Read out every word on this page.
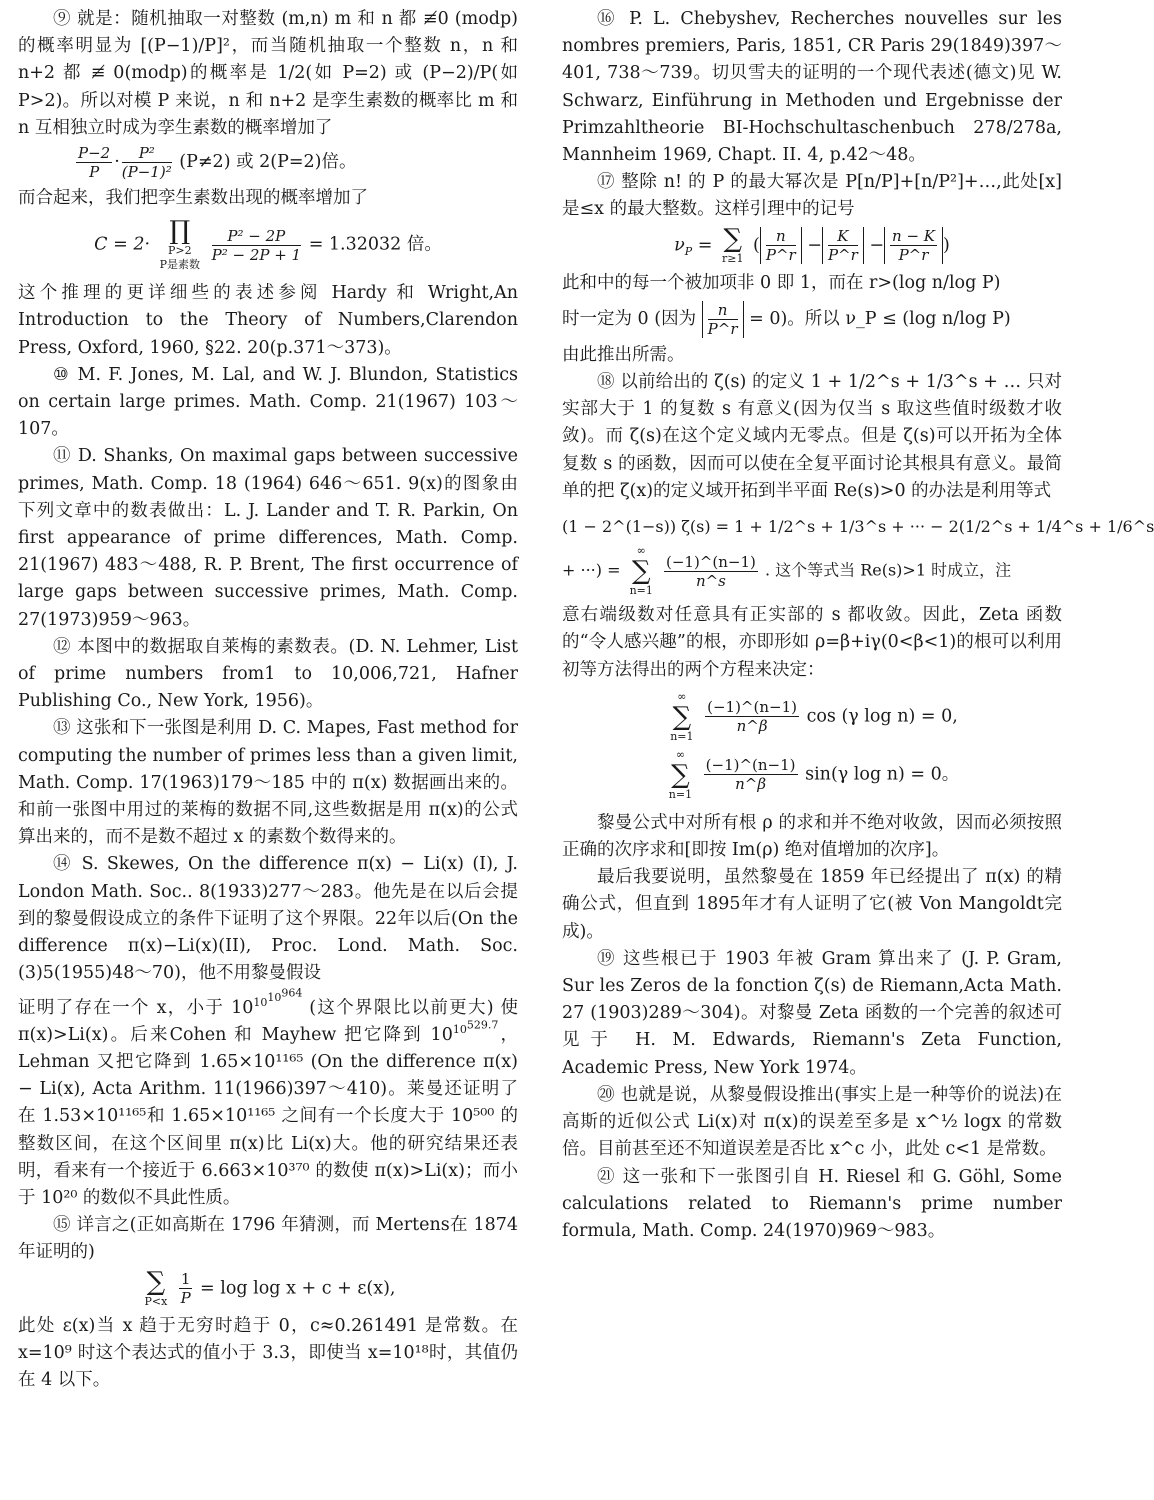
⑨ 就是：随机抽取一对整数 (m,n) m 和 n 都 ≢0 (modp)的概率明显为 [(P−1)/P]²，而当随机抽取一个整数 n，n 和 n+2 都 ≢ 0(modp)的概率是 1/2(如 P=2) 或 (P−2)/P(如 P>2)。所以对模 P 来说，n 和 n+2 是孪生素数的概率比 m 和 n 互相独立时成为孪生素数的概率增加了

$\frac{P-2}{P} \cdot \frac{\text{P²}}{\text{(P−1)²}} (P\ne 2)$ 或 2(P=2)倍。

而合起来，我们把孪生素数出现的概率增加了

C = 2· ∏
P>2
P是素数

$\frac{\text{P² − 2P}}{\text{P² − 2P + 1}} = 1.32032$ 倍。

这个推理的更详细些的表述参阅 Hardy 和 Wright,An Introduction to the Theory of Numbers,Clarendon Press, Oxford, 1960, §22. 20(p.371～373)。

⑩ M. F. Jones, M. Lal, and W. J. Blundon, Statistics on certain large primes. Math. Comp. 21(1967) 103～107。

⑪ D. Shanks, On maximal gaps between successive primes, Math. Comp. 18 (1964) 646～651. 9(x)的图象由下列文章中的数表做出：L. J. Lander and T. R. Parkin, On first appearance of prime differences, Math. Comp. 21(1967) 483～488, R. P. Brent, The first occurrence of large gaps between successive primes, Math. Comp. 27(1973)959～963。

⑫ 本图中的数据取自莱梅的素数表。(D. N. Lehmer, List of prime numbers from1 to 10,006,721, Hafner Publishing Co., New York, 1956)。

⑬ 这张和下一张图是利用 D. C. Mapes, Fast method for computing the number of primes less than a given limit, Math. Comp. 17(1963)179～185 中的 π(x) 数据画出来的。和前一张图中用过的莱梅的数据不同,这些数据是用 π(x)的公式算出来的，而不是数不超过 x 的素数个数得来的。

⑭ S. Skewes, On the difference π(x) − Li(x) (I), J. London Math. Soc.. 8(1933)277～283。他先是在以后会提到的黎曼假设成立的条件下证明了这个界限。22年以后(On the difference π(x)−Li(x)(II), Proc. Lond. Math. Soc. (3)5(1955)48～70)，他不用黎曼假设

证明了存在一个 x，小于 $10^{10^{10^{964}}}$ (这个界限比以前更大) 使 π(x)>Li(x)。后来Cohen 和 Mayhew 把它降到 $10^{10^{529.7}}$，Lehman 又把它降到 1.65×10¹¹⁶⁵ (On the difference π(x) − Li(x), Acta Arithm. 11(1966)397～410)。莱曼还证明了在 1.53×10¹¹⁶⁵和 1.65×10¹¹⁶⁵ 之间有一个长度大于 10⁵⁰⁰ 的整数区间，在这个区间里 π(x)比 Li(x)大。他的研究结果还表明，看来有一个接近于 6.663×10³⁷⁰ 的数使 π(x)>Li(x)；而小于 10²⁰ 的数似不具此性质。

⑮ 详言之(正如高斯在 1796 年猜测，而 Mertens在 1874 年证明的)

∑
P<x
$\frac{1}{P} = \log \log x + c + \varepsilon(x)$,

此处 ε(x)当 x 趋于无穷时趋于 0，c≈0.261491 是常数。在 x=10⁹ 时这个表达式的值小于 3.3，即使当 x=10¹⁸时，其值仍在 4 以下。

⑯ P. L. Chebyshev, Recherches nouvelles sur les nombres premiers, Paris, 1851, CR Paris 29(1849)397～401, 738～739。切贝雪夫的证明的一个现代表述(德文)见 W. Schwarz, Einführung in Methoden und Ergebnisse der Primzahltheorie BI-Hochschultaschenbuch 278/278a, Mannheim 1969, Chapt. II. 4, p.42～48。

⑰ 整除 n! 的 P 的最大幂次是 P[n/P]+[n/P²]+…,此处[x]是≤x 的最大整数。这样引理中的记号

$\nu_P$ = ∑
r≥1
( $\frac{n}{P\^{}r} - \frac{K}{P\^{}r} - \frac{n - K}{P\^{}r}$ )

此和中的每一个被加项非 0 即 1，而在 r>(log n/log P)

时一定为 0 (因为 $\frac{n}{P\^{}r} = 0$)。所以 ν_P ≤ (log n/log P)

由此推出所需。

⑱ 以前给出的 ζ(s) 的定义 1 + 1/2^s + 1/3^s + … 只对实部大于 1 的复数 s 有意义(因为仅当 s 取这些值时级数才收敛)。而 ζ(s)在这个定义域内无零点。但是 ζ(s)可以开拓为全体复数 s 的函数，因而可以使在全复平面讨论其根具有意义。最简单的把 ζ(x)的定义域开拓到半平面 Re(s)>0 的办法是利用等式

(1 − 2^(1−s)) ζ(s) = 1 + 1/2^s + 1/3^s + ··· − 2(1/2^s + 1/4^s + 1/6^s
+ ···) =
∞
∑
n=1

$\frac{(-1)\^{}(n-1)}{n\^{}s}$ . 这个等式当 Re(s)>1 时成立，注

意右端级数对任意具有正实部的 s 都收敛。因此，Zeta 函数的“令人感兴趣”的根，亦即形如 ρ=β+iγ(0<β<1)的根可以利用初等方法得出的两个方程来决定：

∞
∑
n=1

$\frac{(-1)\^{}(n-1)}{n\^{}\beta}$ cos (γ log n) = 0,
∞
∑
n=1

$\frac{(-1)\^{}(n-1)}{n\^{}\beta} \sin(\gamma$ log n) = 0。

黎曼公式中对所有根 ρ 的求和并不绝对收敛，因而必须按照正确的次序求和[即按 Im(ρ) 绝对值增加的次序]。

最后我要说明，虽然黎曼在 1859 年已经提出了 π(x) 的精确公式，但直到 1895年才有人证明了它(被 Von Mangoldt完成)。

⑲ 这些根已于 1903 年被 Gram 算出来了 (J. P. Gram, Sur les Zeros de la fonction ζ(s) de Riemann,Acta Math. 27 (1903)289～304)。对黎曼 Zeta 函数的一个完善的叙述可见于 H. M. Edwards, Riemann's Zeta Function, Academic Press, New York 1974。

⑳ 也就是说，从黎曼假设推出(事实上是一种等价的说法)在高斯的近似公式 Li(x)对 π(x)的误差至多是 x^½ logx 的常数倍。目前甚至还不知道误差是否比 x^c 小，此处 c<1 是常数。

㉑ 这一张和下一张图引自 H. Riesel 和 G. Göhl, Some calculations related to Riemann's prime number formula, Math. Comp. 24(1970)969～983。
